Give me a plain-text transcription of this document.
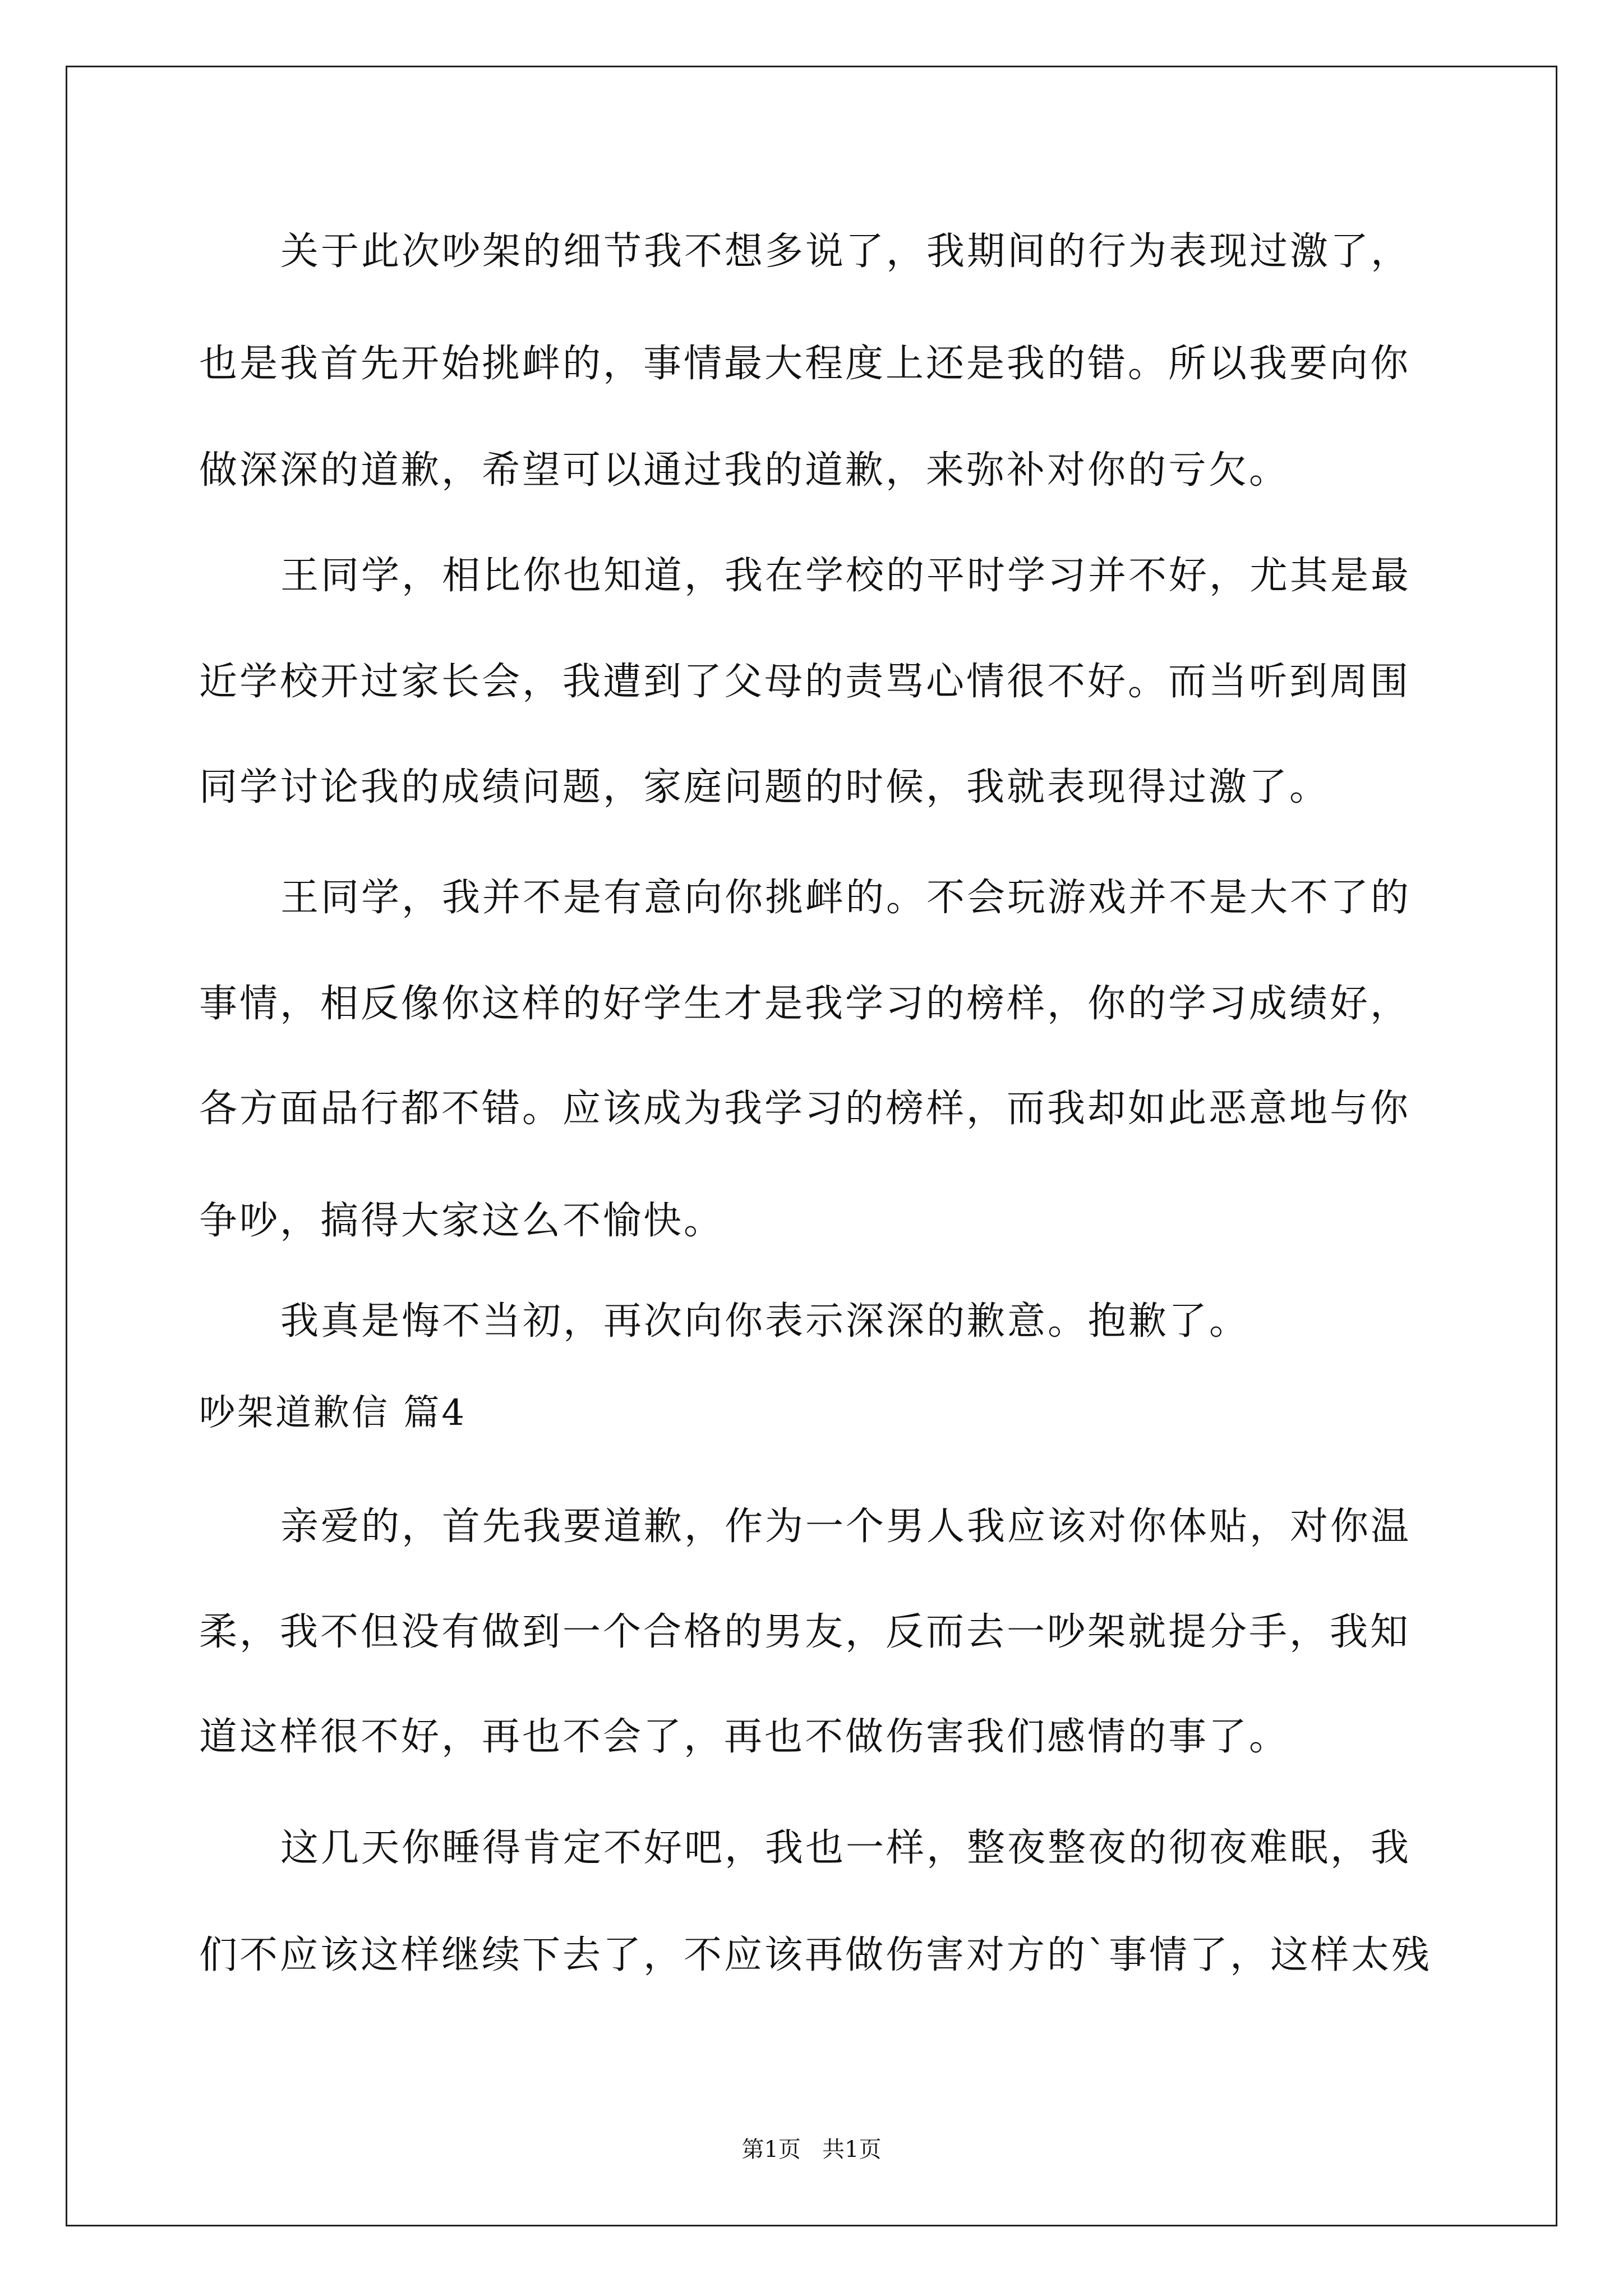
关于此次吵架的细节我不想多说了，我期间的行为表现过激了，
也是我首先开始挑衅的，事情最大程度上还是我的错。所以我要向你
做深深的道歉，希望可以通过我的道歉，来弥补对你的亏欠。
王同学，相比你也知道，我在学校的平时学习并不好，尤其是最
近学校开过家长会，我遭到了父母的责骂心情很不好。而当听到周围
同学讨论我的成绩问题，家庭问题的时候，我就表现得过激了。
王同学，我并不是有意向你挑衅的。不会玩游戏并不是大不了的
事情，相反像你这样的好学生才是我学习的榜样，你的学习成绩好，
各方面品行都不错。应该成为我学习的榜样，而我却如此恶意地与你
争吵，搞得大家这么不愉快。
我真是悔不当初，再次向你表示深深的歉意。抱歉了。
吵架道歉信 篇4
亲爱的，首先我要道歉，作为一个男人我应该对你体贴，对你温
柔，我不但没有做到一个合格的男友，反而去一吵架就提分手，我知
道这样很不好，再也不会了，再也不做伤害我们感情的事了。
这几天你睡得肯定不好吧，我也一样，整夜整夜的彻夜难眠，我
们不应该这样继续下去了，不应该再做伤害对方的`事情了，这样太残
第1页   共1页
